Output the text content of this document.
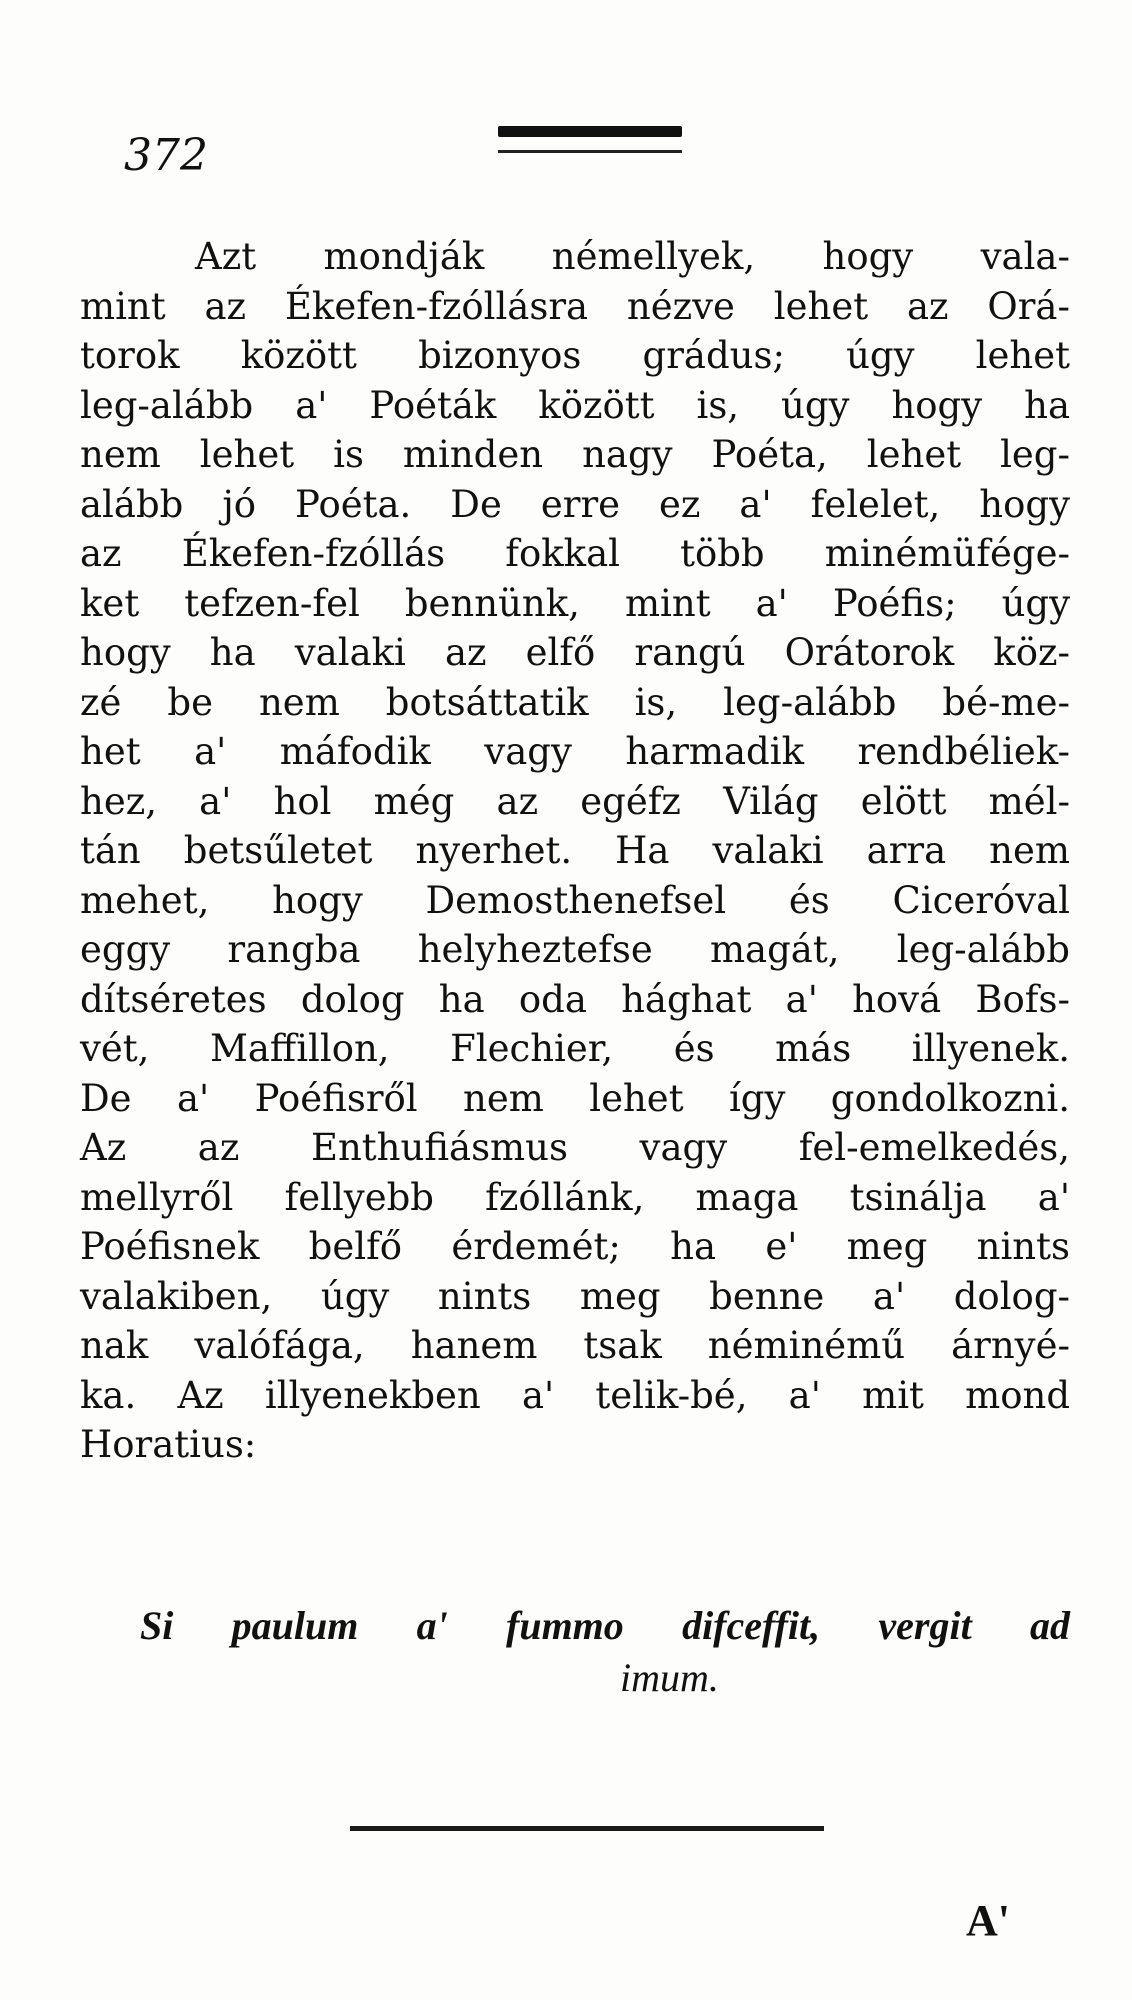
372
Azt mondják némellyek, hogy vala-
mint az Ékefen-fzóllásra nézve lehet az Orá-
torok között bizonyos grádus; úgy lehet
leg-alább a' Poéták között is, úgy hogy ha
nem lehet is minden nagy Poéta, lehet leg-
alább jó Poéta. De erre ez a' felelet, hogy
az Ékefen-fzóllás fokkal több minémüfége-
ket tefzen-fel bennünk, mint a' Poéfis; úgy
hogy ha valaki az elfő rangú Orátorok köz-
zé be nem botsáttatik is, leg-alább bé-me-
het a' máfodik vagy harmadik rendbéliek-
hez, a' hol még az egéfz Világ elött mél-
tán betsűletet nyerhet. Ha valaki arra nem
mehet, hogy Demosthenefsel és Ciceróval
eggy rangba helyheztefse magát, leg-alább
dítséretes dolog ha oda hághat a' hová Bofs-
vét, Maffillon, Flechier, és más illyenek.
De a' Poéfisről nem lehet így gondolkozni.
Az az Enthufiásmus vagy fel-emelkedés,
mellyről fellyebb fzóllánk, maga tsinálja a'
Poéfisnek belfő érdemét; ha e' meg nints
valakiben, úgy nints meg benne a' dolog-
nak valófága, hanem tsak néminémű árnyé-
ka. Az illyenekben a' telik-bé, a' mit mond
Horatius:
Si paulum a' fummo difceffit, vergit ad
imum.
A'
